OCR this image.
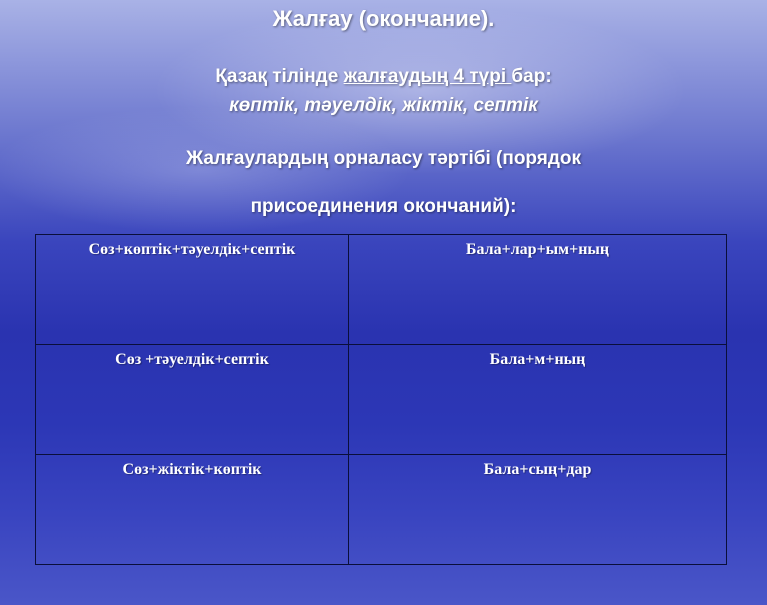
Жалғау (окончание).
Қазақ тілінде жалғаудың 4 түрі бар:
көптік, тәуелдік, жіктік, септік
Жалғаулардың орналасу тәртібі (порядок
присоединения окончаний):
Сөз+көптік+тәуелдік+септік	Бала+лар+ым+ның
Сөз +тәуелдік+септік	Бала+м+ның
Сөз+жіктік+көптік	Бала+сың+дар
